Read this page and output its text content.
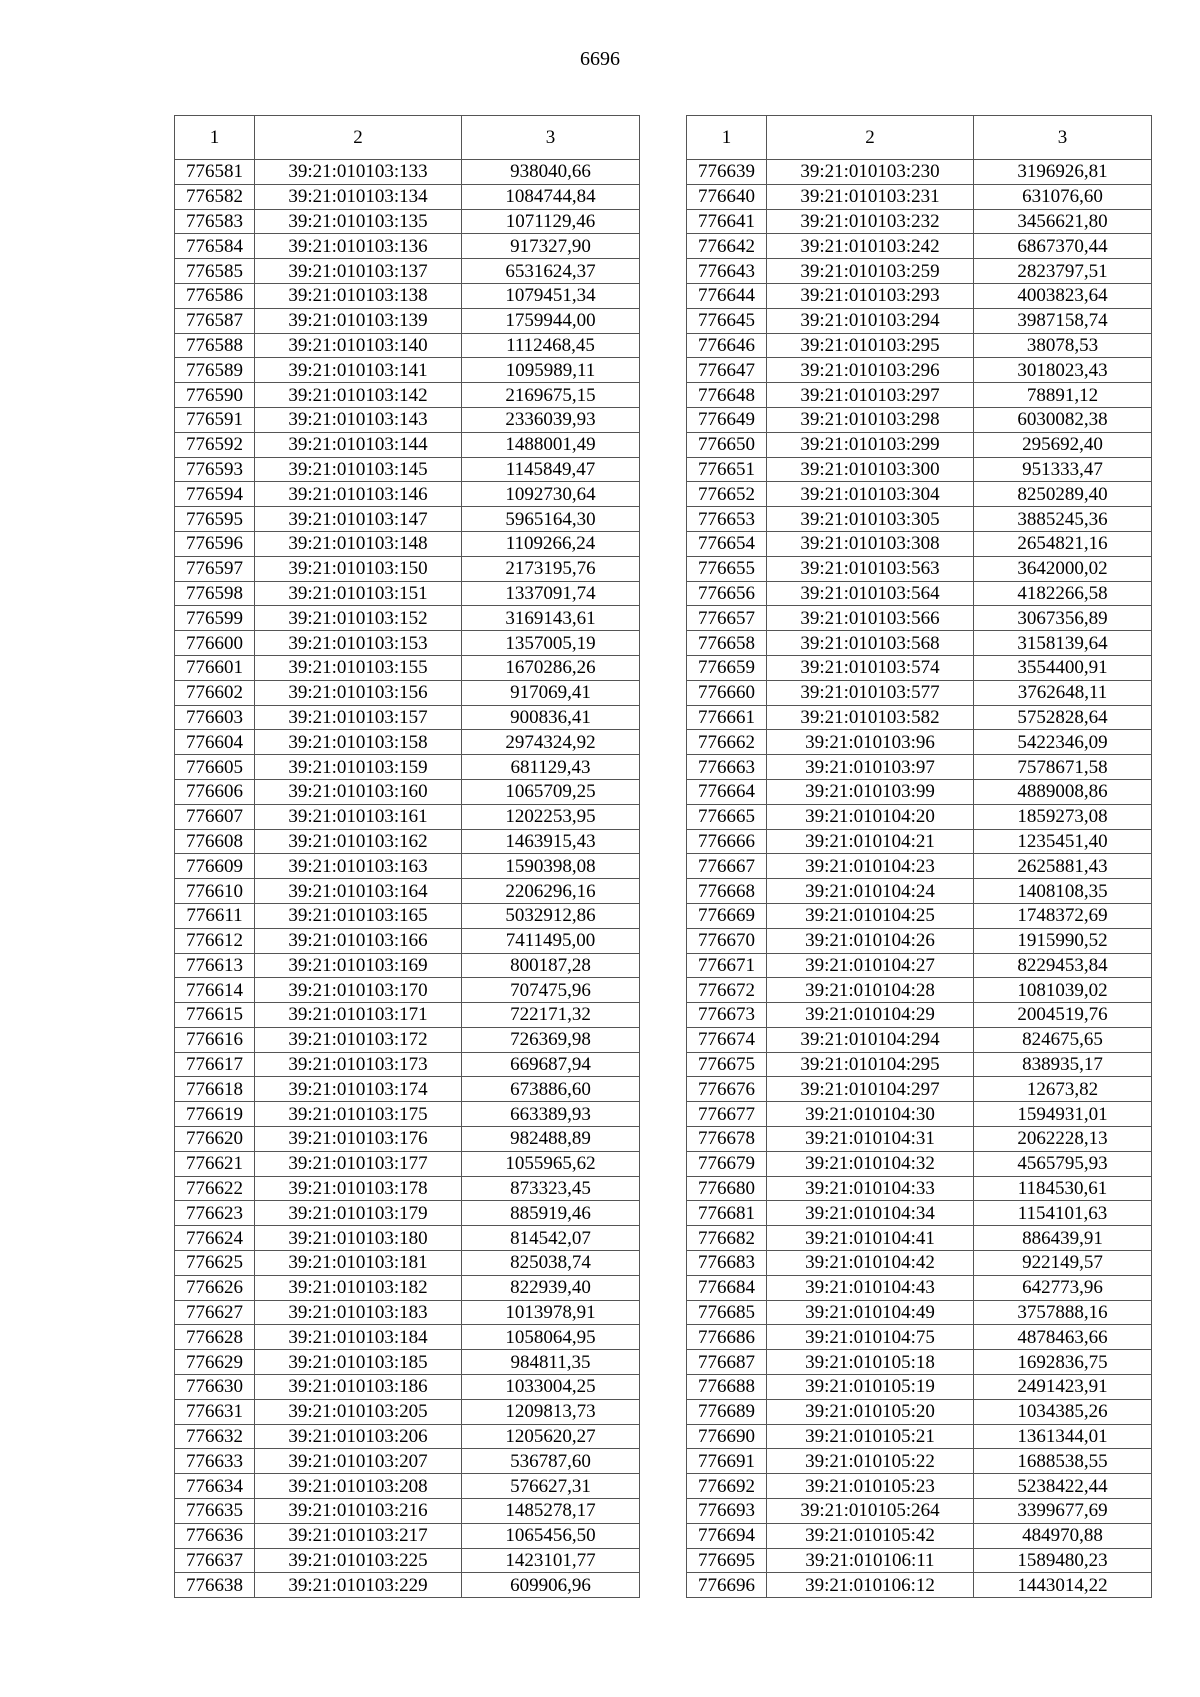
6696
1	2	3
776581	39:21:010103:133	938040,66
776582	39:21:010103:134	1084744,84
776583	39:21:010103:135	1071129,46
776584	39:21:010103:136	917327,90
776585	39:21:010103:137	6531624,37
776586	39:21:010103:138	1079451,34
776587	39:21:010103:139	1759944,00
776588	39:21:010103:140	1112468,45
776589	39:21:010103:141	1095989,11
776590	39:21:010103:142	2169675,15
776591	39:21:010103:143	2336039,93
776592	39:21:010103:144	1488001,49
776593	39:21:010103:145	1145849,47
776594	39:21:010103:146	1092730,64
776595	39:21:010103:147	5965164,30
776596	39:21:010103:148	1109266,24
776597	39:21:010103:150	2173195,76
776598	39:21:010103:151	1337091,74
776599	39:21:010103:152	3169143,61
776600	39:21:010103:153	1357005,19
776601	39:21:010103:155	1670286,26
776602	39:21:010103:156	917069,41
776603	39:21:010103:157	900836,41
776604	39:21:010103:158	2974324,92
776605	39:21:010103:159	681129,43
776606	39:21:010103:160	1065709,25
776607	39:21:010103:161	1202253,95
776608	39:21:010103:162	1463915,43
776609	39:21:010103:163	1590398,08
776610	39:21:010103:164	2206296,16
776611	39:21:010103:165	5032912,86
776612	39:21:010103:166	7411495,00
776613	39:21:010103:169	800187,28
776614	39:21:010103:170	707475,96
776615	39:21:010103:171	722171,32
776616	39:21:010103:172	726369,98
776617	39:21:010103:173	669687,94
776618	39:21:010103:174	673886,60
776619	39:21:010103:175	663389,93
776620	39:21:010103:176	982488,89
776621	39:21:010103:177	1055965,62
776622	39:21:010103:178	873323,45
776623	39:21:010103:179	885919,46
776624	39:21:010103:180	814542,07
776625	39:21:010103:181	825038,74
776626	39:21:010103:182	822939,40
776627	39:21:010103:183	1013978,91
776628	39:21:010103:184	1058064,95
776629	39:21:010103:185	984811,35
776630	39:21:010103:186	1033004,25
776631	39:21:010103:205	1209813,73
776632	39:21:010103:206	1205620,27
776633	39:21:010103:207	536787,60
776634	39:21:010103:208	576627,31
776635	39:21:010103:216	1485278,17
776636	39:21:010103:217	1065456,50
776637	39:21:010103:225	1423101,77
776638	39:21:010103:229	609906,96
1	2	3
776639	39:21:010103:230	3196926,81
776640	39:21:010103:231	631076,60
776641	39:21:010103:232	3456621,80
776642	39:21:010103:242	6867370,44
776643	39:21:010103:259	2823797,51
776644	39:21:010103:293	4003823,64
776645	39:21:010103:294	3987158,74
776646	39:21:010103:295	38078,53
776647	39:21:010103:296	3018023,43
776648	39:21:010103:297	78891,12
776649	39:21:010103:298	6030082,38
776650	39:21:010103:299	295692,40
776651	39:21:010103:300	951333,47
776652	39:21:010103:304	8250289,40
776653	39:21:010103:305	3885245,36
776654	39:21:010103:308	2654821,16
776655	39:21:010103:563	3642000,02
776656	39:21:010103:564	4182266,58
776657	39:21:010103:566	3067356,89
776658	39:21:010103:568	3158139,64
776659	39:21:010103:574	3554400,91
776660	39:21:010103:577	3762648,11
776661	39:21:010103:582	5752828,64
776662	39:21:010103:96	5422346,09
776663	39:21:010103:97	7578671,58
776664	39:21:010103:99	4889008,86
776665	39:21:010104:20	1859273,08
776666	39:21:010104:21	1235451,40
776667	39:21:010104:23	2625881,43
776668	39:21:010104:24	1408108,35
776669	39:21:010104:25	1748372,69
776670	39:21:010104:26	1915990,52
776671	39:21:010104:27	8229453,84
776672	39:21:010104:28	1081039,02
776673	39:21:010104:29	2004519,76
776674	39:21:010104:294	824675,65
776675	39:21:010104:295	838935,17
776676	39:21:010104:297	12673,82
776677	39:21:010104:30	1594931,01
776678	39:21:010104:31	2062228,13
776679	39:21:010104:32	4565795,93
776680	39:21:010104:33	1184530,61
776681	39:21:010104:34	1154101,63
776682	39:21:010104:41	886439,91
776683	39:21:010104:42	922149,57
776684	39:21:010104:43	642773,96
776685	39:21:010104:49	3757888,16
776686	39:21:010104:75	4878463,66
776687	39:21:010105:18	1692836,75
776688	39:21:010105:19	2491423,91
776689	39:21:010105:20	1034385,26
776690	39:21:010105:21	1361344,01
776691	39:21:010105:22	1688538,55
776692	39:21:010105:23	5238422,44
776693	39:21:010105:264	3399677,69
776694	39:21:010105:42	484970,88
776695	39:21:010106:11	1589480,23
776696	39:21:010106:12	1443014,22
